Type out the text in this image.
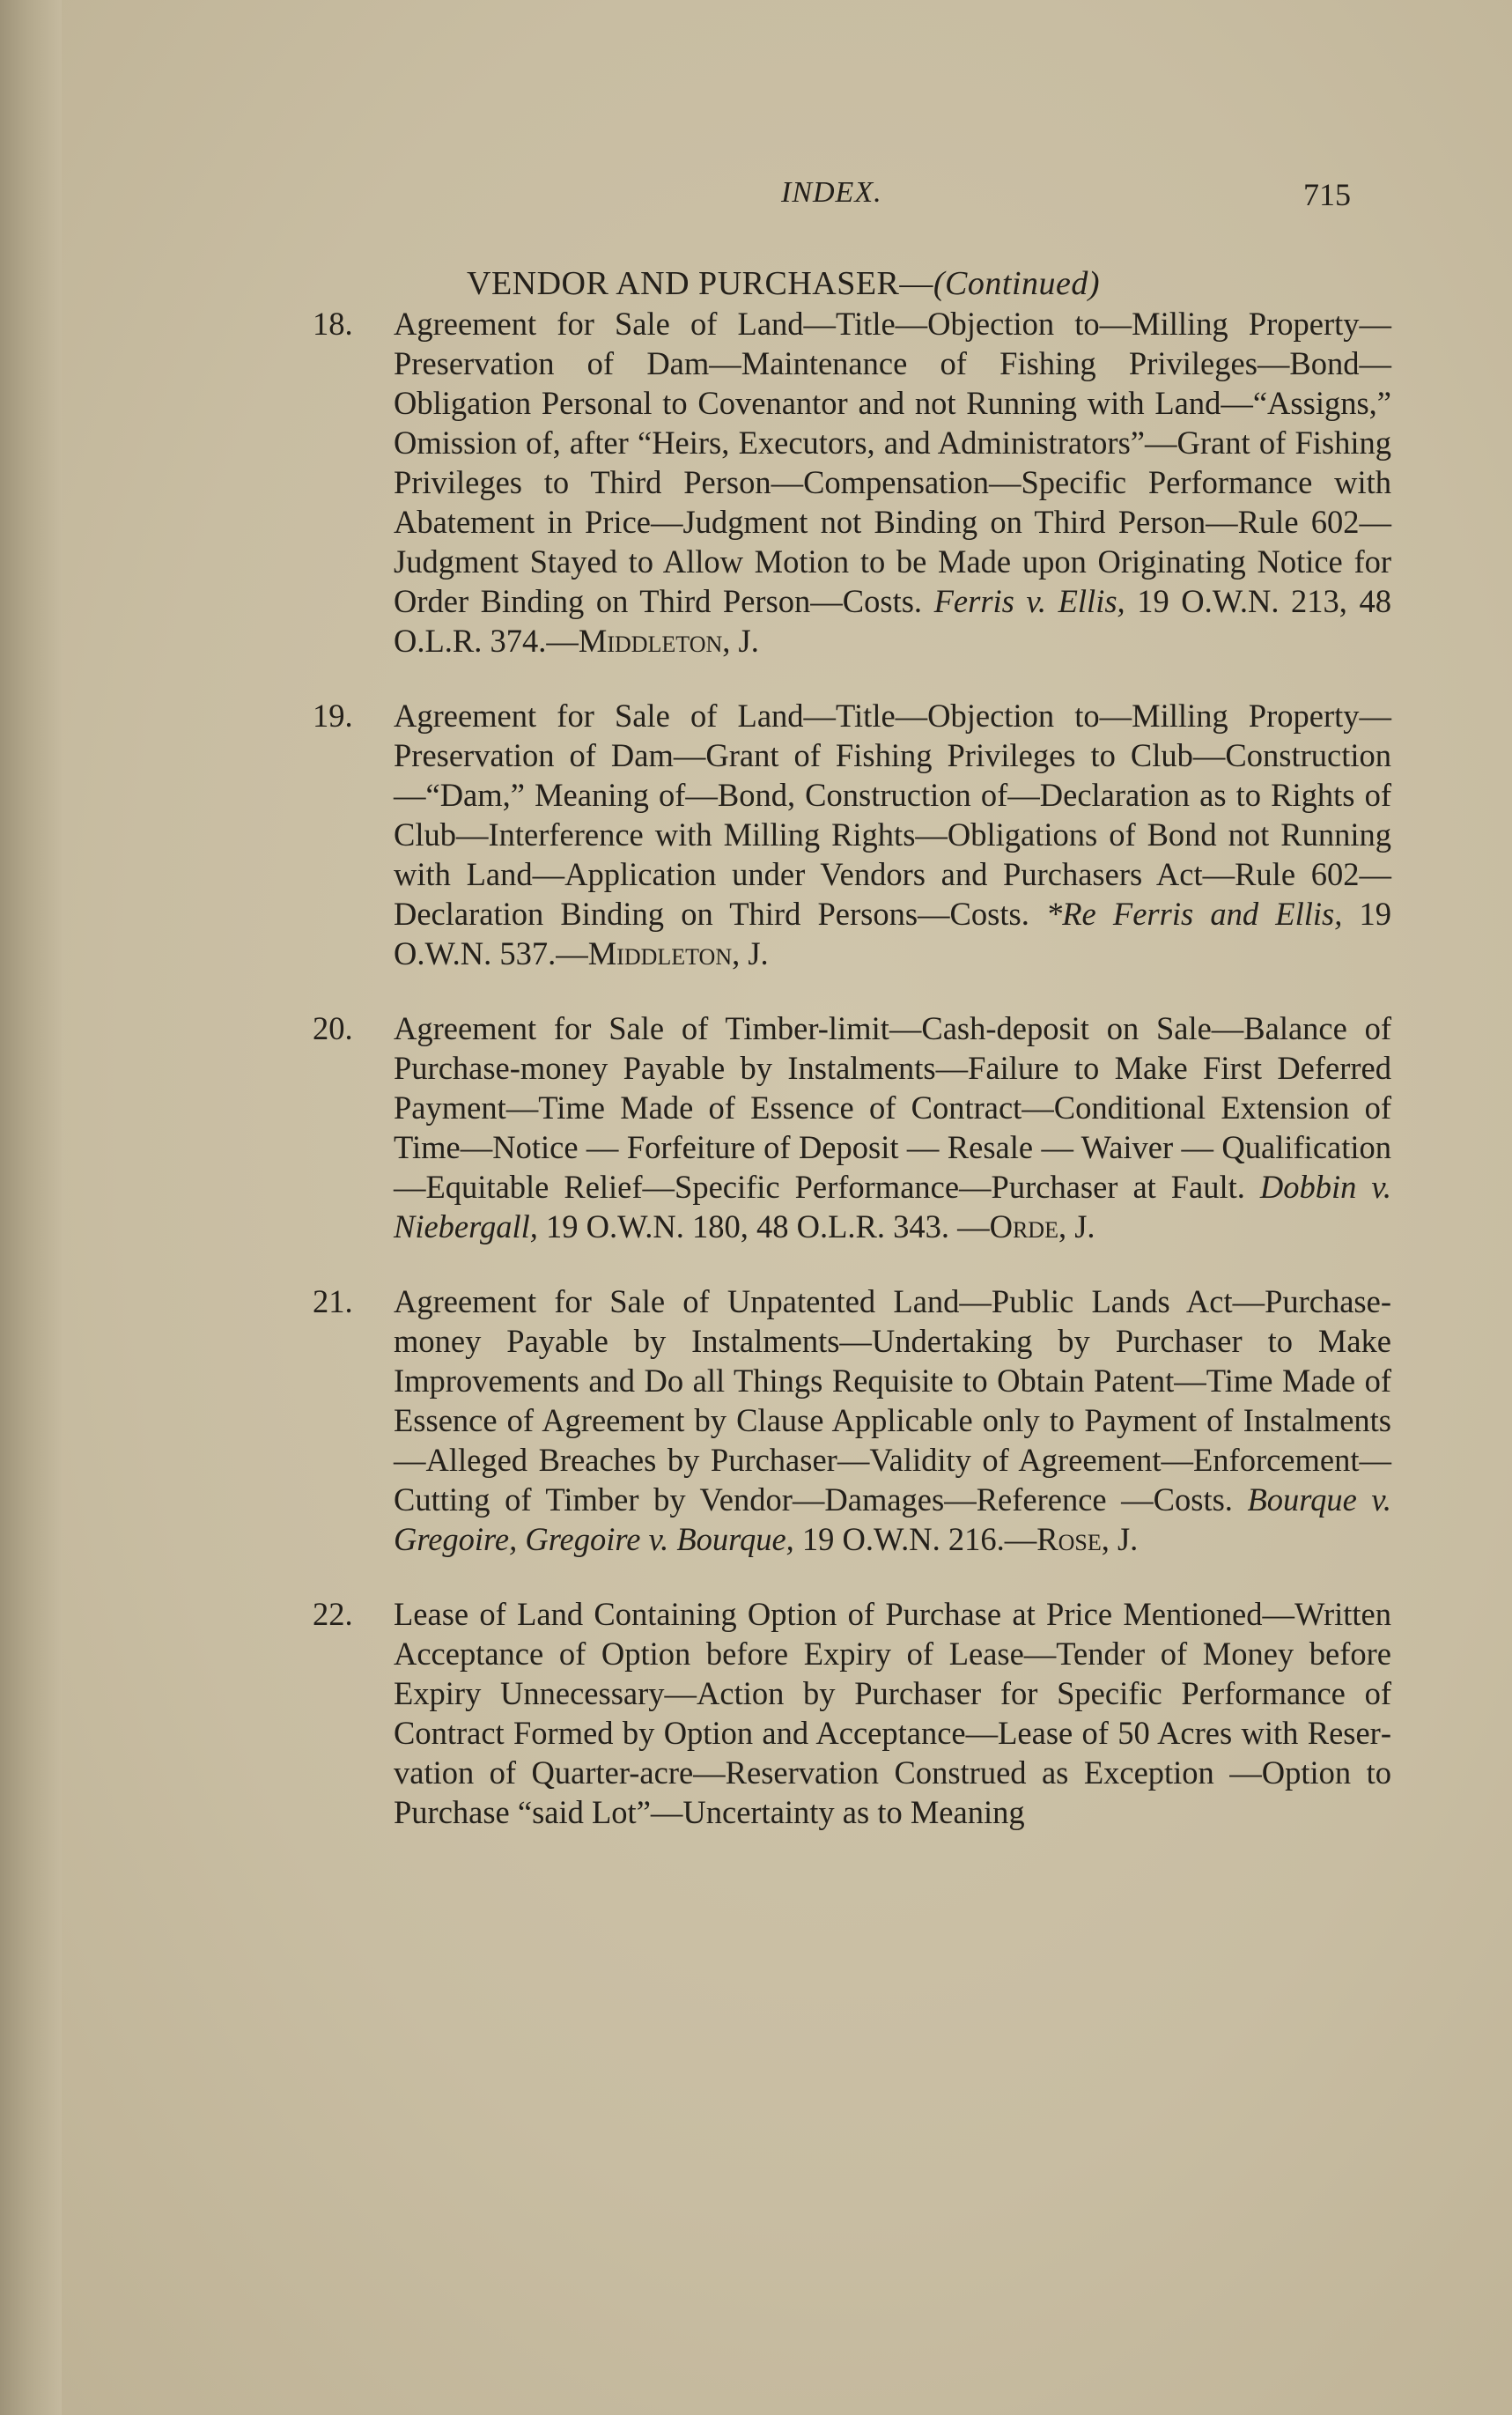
INDEX.	715
VENDOR AND PURCHASER—(Continued)
18. Agreement for Sale of Land—Title—Objection to—Milling Property—Preservation of Dam—Maintenance of Fishing Privileges—Bond—Obligation Personal to Covenantor and not Running with Land—“Assigns,” Omission of, after “Heirs, Executors, and Administrators”—Grant of Fishing Privileges to Third Person—Compensation—Specific Performance with Abatement in Price—Judgment not Binding on Third Person—Rule 602—Judgment Stayed to Allow Motion to be Made upon Originating Notice for Order Binding on Third Person—Costs. Ferris v. Ellis, 19 O.W.N. 213, 48 O.L.R. 374.—Middleton, J.
19. Agreement for Sale of Land—Title—Objection to—Milling Property—Preservation of Dam—Grant of Fishing Privileges to Club—Construction—“Dam,” Meaning of—Bond, Construction of—Declaration as to Rights of Club—Interference with Milling Rights—Obligations of Bond not Running with Land—Application under Vendors and Purchasers Act—Rule 602—Declaration Binding on Third Persons—Costs. *Re Ferris and Ellis, 19 O.W.N. 537.—Middleton, J.
20. Agreement for Sale of Timber-limit—Cash-deposit on Sale—Balance of Purchase-money Payable by Instalments—Failure to Make First Deferred Payment—Time Made of Essence of Contract—Conditional Extension of Time—Notice — Forfeiture of Deposit — Resale — Waiver — Qualification—Equitable Relief—Specific Performance—Purchaser at Fault. Dobbin v. Niebergall, 19 O.W.N. 180, 48 O.L.R. 343. —Orde, J.
21. Agreement for Sale of Unpatented Land—Public Lands Act—Purchase-money Payable by Instalments—Undertaking by Purchaser to Make Improvements and Do all Things Requisite to Obtain Patent—Time Made of Essence of Agreement by Clause Applicable only to Payment of Instalments—Alleged Breaches by Purchaser—Validity of Agreement—Enforcement—Cutting of Timber by Vendor—Damages—Reference —Costs. Bourque v. Gregoire, Gregoire v. Bourque, 19 O.W.N. 216.—Rose, J.
22. Lease of Land Containing Option of Purchase at Price Mentioned—Written Acceptance of Option before Expiry of Lease—Tender of Money before Expiry Unnecessary—Action by Purchaser for Specific Performance of Contract Formed by Option and Acceptance—Lease of 50 Acres with Reservation of Quarter-acre—Reservation Construed as Exception —Option to Purchase “said Lot”—Uncertainty as to Meaning
